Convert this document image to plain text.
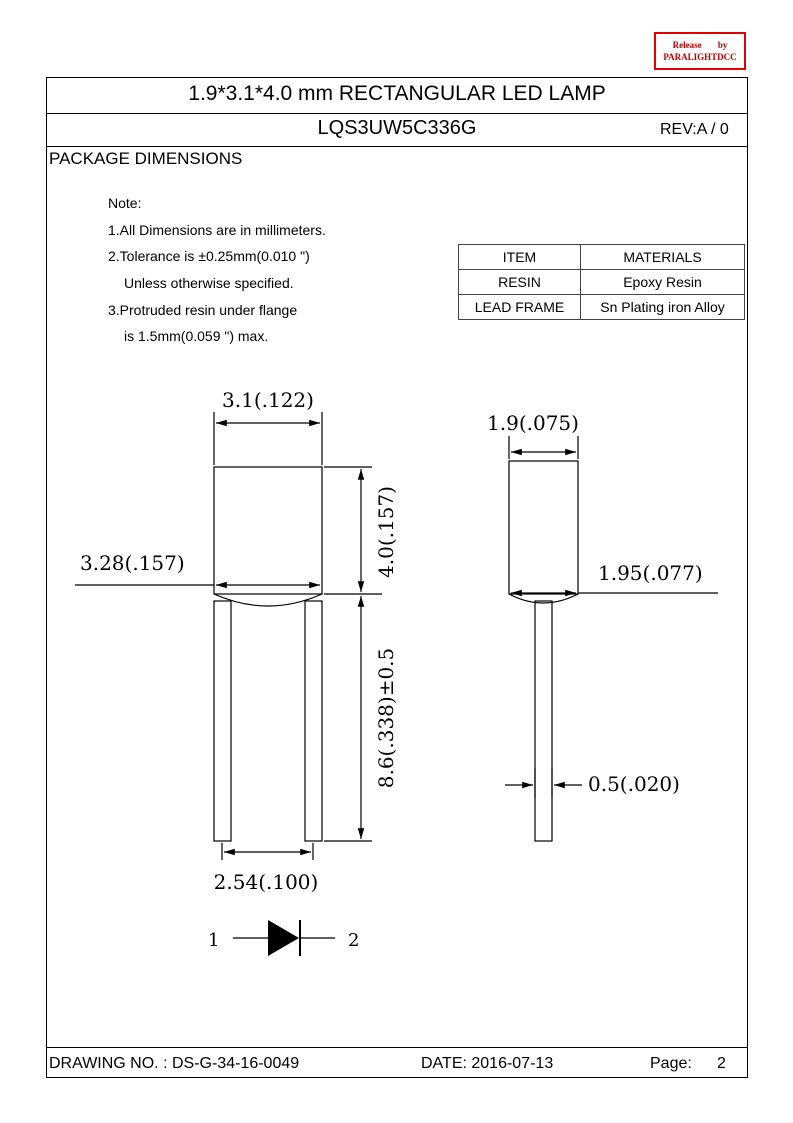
Release by
PARALIGHTDCC
1.9*3.1*4.0 mm RECTANGULAR LED LAMP
LQS3UW5C336G	REV:A / 0
PACKAGE DIMENSIONS
Note:
1.All Dimensions are in millimeters.
2.Tolerance is ±0.25mm(0.010 ")
Unless otherwise specified.
3.Protruded resin under flange
is 1.5mm(0.059 ") max.
ITEM	MATERIALS
RESIN	Epoxy Resin
LEAD FRAME	Sn Plating iron Alloy
3.1(.122)
3.28(.157)	4.0(.157)
8.6(.338)±0.5
2.54(.100)
1.9(.075)
1.95(.077)
0.5(.020)
1	2
DRAWING NO. : DS-G-34-16-0049	DATE: 2016-07-13	Page: 2
